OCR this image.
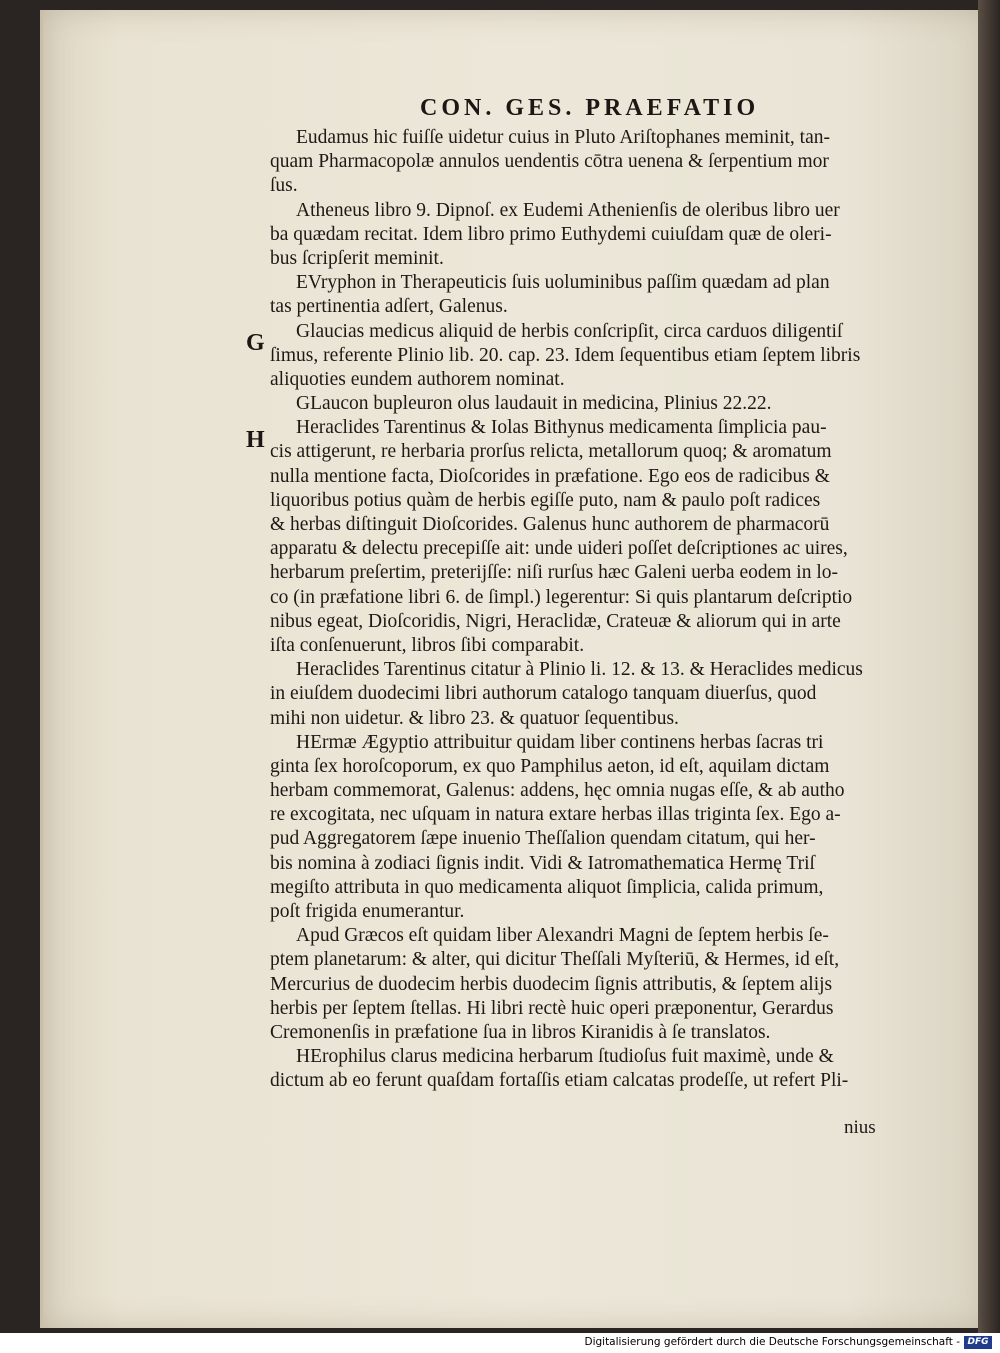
CON. GES. PRAEFATIO
G
H
Eudamus hic fuiſſe uidetur cuius in Pluto Ariſtophanes meminit, tan-
quam Pharmacopolæ annulos uendentis cōtra uenena & ſerpentium mor
ſus.
Atheneus libro 9. Dipnoſ. ex Eudemi Athenienſis de oleribus libro uer
ba quædam recitat. Idem libro primo Euthydemi cuiuſdam quæ de oleri-
bus ſcripſerit meminit.
EVryphon in Therapeuticis ſuis uoluminibus paſſim quædam ad plan
tas pertinentia adſert, Galenus.
Glaucias medicus aliquid de herbis conſcripſit, circa carduos diligentiſ
ſimus, referente Plinio lib. 20. cap. 23. Idem ſequentibus etiam ſeptem libris
aliquoties eundem authorem nominat.
GLaucon bupleuron olus laudauit in medicina, Plinius 22.22.
Heraclides Tarentinus & Iolas Bithynus medicamenta ſimplicia pau-
cis attigerunt, re herbaria prorſus relicta, metallorum quoq; & aromatum
nulla mentione facta, Dioſcorides in præfatione. Ego eos de radicibus &
liquoribus potius quàm de herbis egiſſe puto, nam & paulo poſt radices
& herbas diſtinguit Dioſcorides. Galenus hunc authorem de pharmacorū
apparatu & delectu precepiſſe ait: unde uideri poſſet deſcriptiones ac uires,
herbarum preſertim, preterijſſe: niſi rurſus hæc Galeni uerba eodem in lo-
co (in præfatione libri 6. de ſimpl.) legerentur: Si quis plantarum deſcriptio
nibus egeat, Dioſcoridis, Nigri, Heraclidæ, Crateuæ & aliorum qui in arte
iſta conſenuerunt, libros ſibi comparabit.
Heraclides Tarentinus citatur à Plinio li. 12. & 13. & Heraclides medicus
in eiuſdem duodecimi libri authorum catalogo tanquam diuerſus, quod
mihi non uidetur. & libro 23. & quatuor ſequentibus.
HErmæ Ægyptio attribuitur quidam liber continens herbas ſacras tri
ginta ſex horoſcoporum, ex quo Pamphilus aeton, id eſt, aquilam dictam
herbam commemorat, Galenus: addens, hęc omnia nugas eſſe, & ab autho
re excogitata, nec uſquam in natura extare herbas illas triginta ſex. Ego a-
pud Aggregatorem ſæpe inuenio Theſſalion quendam citatum, qui her-
bis nomina à zodiaci ſignis indit. Vidi & Iatromathematica Hermę Triſ
megiſto attributa in quo medicamenta aliquot ſimplicia, calida primum,
poſt frigida enumerantur.
Apud Græcos eſt quidam liber Alexandri Magni de ſeptem herbis ſe-
ptem planetarum: & alter, qui dicitur Theſſali Myſteriū, & Hermes, id eſt,
Mercurius de duodecim herbis duodecim ſignis attributis, & ſeptem alijs
herbis per ſeptem ſtellas. Hi libri rectè huic operi præponentur, Gerardus
Cremonenſis in præfatione ſua in libros Kiranidis à ſe translatos.
HErophilus clarus medicina herbarum ſtudioſus fuit maximè, unde &
dictum ab eo ferunt quaſdam fortaſſis etiam calcatas prodeſſe, ut refert Pli-
nius
Digitalisierung gefördert durch die Deutsche Forschungsgemeinschaft - DFG
